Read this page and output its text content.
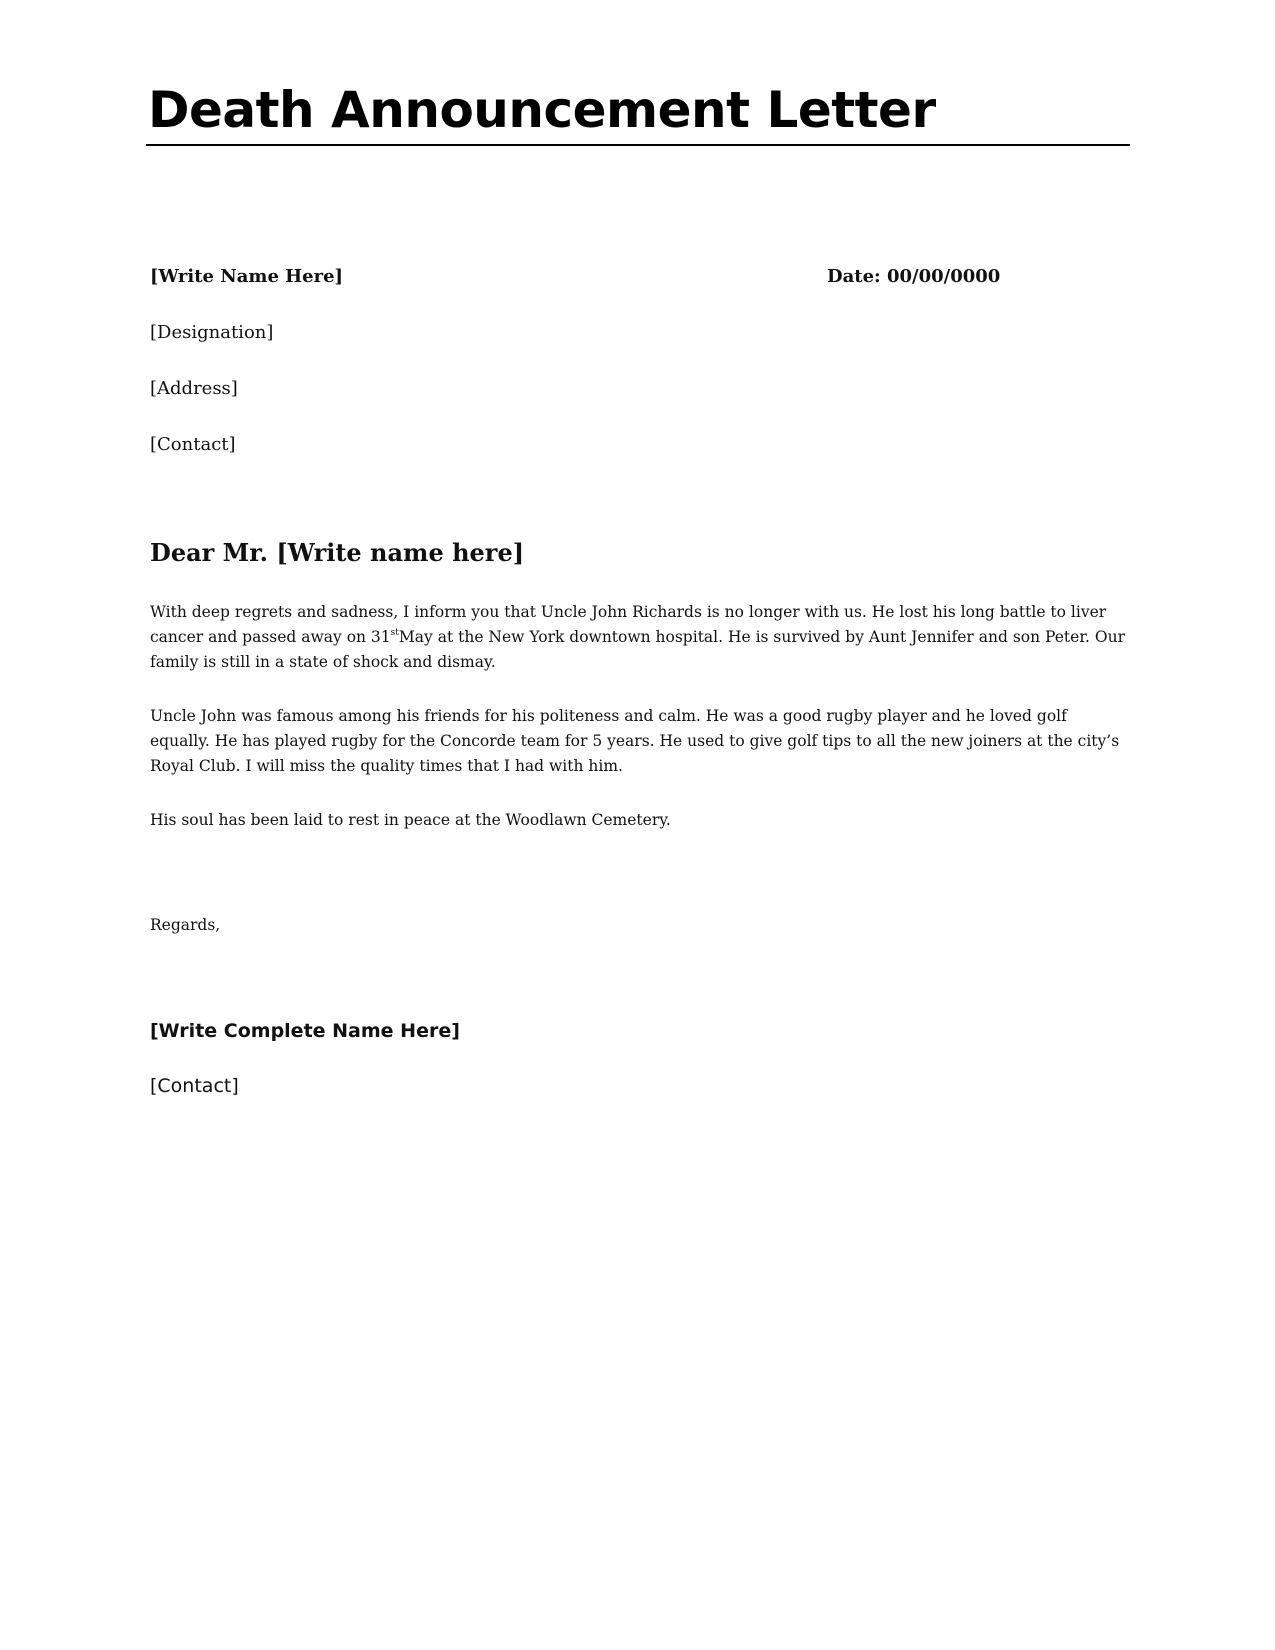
Death Announcement Letter
[Write Name Here]	Date: 00/00/0000
[Designation]
[Address]
[Contact]
Dear Mr. [Write name here]

With deep regrets and sadness, I inform you that Uncle John Richards is no longer with us. He lost his long battle to liver cancer and passed away on 31stMay at the New York downtown hospital. He is survived by Aunt Jennifer and son Peter. Our family is still in a state of shock and dismay.

Uncle John was famous among his friends for his politeness and calm. He was a good rugby player and he loved golf equally. He has played rugby for the Concorde team for 5 years. He used to give golf tips to all the new joiners at the city’s Royal Club. I will miss the quality times that I had with him.

His soul has been laid to rest in peace at the Woodlawn Cemetery.

Regards,
[Write Complete Name Here]
[Contact]
